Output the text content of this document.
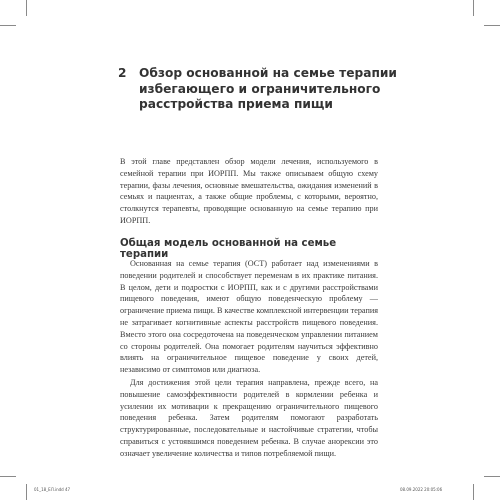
2 Обзор основанной на семье терапии избегающего и ограничительного расстройства приема пищи
В этой главе представлен обзор модели лечения, используемого в семейной терапии при ИОРПП. Мы также описываем общую схему терапии, фазы лечения, основные вмешательства, ожидания изменений в семьях и пациентах, а также общие проблемы, с которыми, вероятно, столкнутся терапевты, проводящие основанную на семье терапию при ИОРПП.
Общая модель основанной на семье терапии
Основанная на семье терапия (ОСТ) работает над изменениями в поведении родителей и способствует переменам в их практике питания. В целом, дети и подростки с ИОРПП, как и с другими расстройствами пищевого поведения, имеют общую поведенческую проблему — ограничение приема пищи. В качестве комплексной интервенции терапия не затрагивает когнитивные аспекты расстройств пищевого поведения. Вместо этого она сосредоточена на поведенческом управлении питанием со стороны родителей. Она помогает родителям научиться эффективно влиять на ограничительное пищевое поведение у своих детей, независимо от симптомов или диагноза.
Для достижения этой цели терапия направлена, прежде всего, на повышение самоэффективности родителей в кормлении ребенка и усилении их мотивации к прекращению ограничительного пищевого поведения ребенка. Затем родителям помогают разработать структурированные, последовательные и настойчивые стратегии, чтобы справиться с устоявшимся поведением ребенка. В случае анорексии это означает увеличение количества и типов потребляемой пищи.
01_18_ЕЛ.indd 47	08.09.2022 20:05:06
